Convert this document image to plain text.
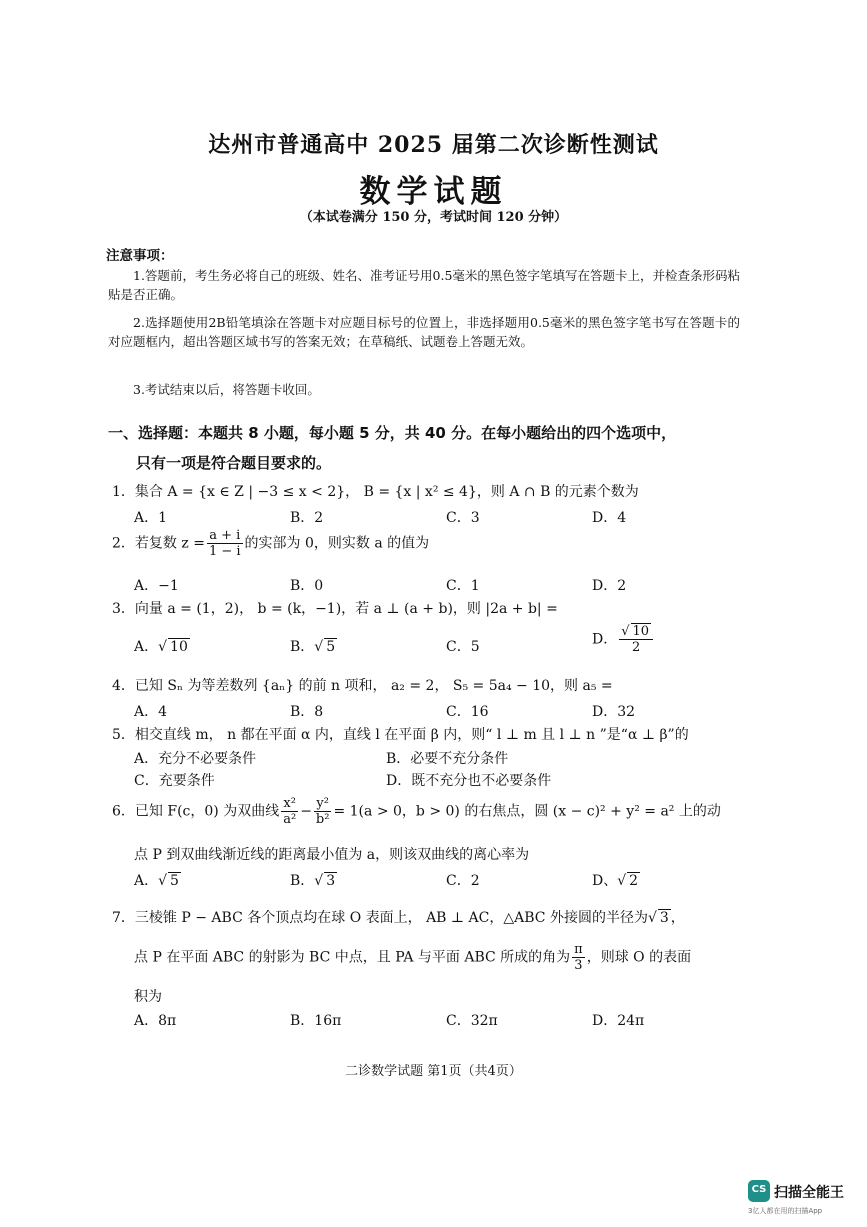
达州市普通高中 2025 届第二次诊断性测试
数学试题
（本试卷满分 150 分，考试时间 120 分钟）
注意事项：
1.答题前，考生务必将自己的班级、姓名、准考证号用0.5毫米的黑色签字笔填写在答题卡上，并检查条形码粘贴是否正确。
2.选择题使用2B铅笔填涂在答题卡对应题目标号的位置上，非选择题用0.5毫米的黑色签字笔书写在答题卡的对应题框内，超出答题区域书写的答案无效；在草稿纸、试题卷上答题无效。
3.考试结束以后，将答题卡收回。
一、选择题：本题共 8 小题，每小题 5 分，共 40 分。在每小题给出的四个选项中，
只有一项是符合题目要求的。
1．集合 A = {x ∈ Z | −3 ≤ x < 2}， B = {x | x² ≤ 4}，则 A ∩ B 的元素个数为
A．1	B．2	C．3	D．4
2．若复数 $z = \frac{a + i}{1 - i}$ 的实部为 0，则实数 a 的值为
A．−1	B．0	C．1	D．2
3．向量 a = (1，2)， b = (k，−1)，若 a ⊥ (a + b)，则 |2a + b| =
A．√ 10	B．√ 5	C．5	D． $\frac{√ 10}{2}$
4．已知 Sₙ 为等差数列 {aₙ} 的前 n 项和， a₂ = 2， S₅ = 5a₄ − 10，则 a₅ =
A．4	B．8	C．16	D．32
5．相交直线 m， n 都在平面 α 内，直线 l 在平面 β 内，则“ l ⊥ m 且 l ⊥ n ”是“α ⊥ β”的
A．充分不必要条件	B．必要不充分条件
C．充要条件	D．既不充分也不必要条件
6．已知 F(c，0) 为双曲线 $\frac{\text{x²}}{\text{a²}} - \frac{\text{y²}}{\text{b²}} = 1(a > 0$，b > 0) 的右焦点，圆 (x − c)² + y² = a² 上的动
点 P 到双曲线渐近线的距离最小值为 a，则该双曲线的离心率为
A．√ 5	B．√ 3	C．2	D、√ 2
7．三棱锥 P − ABC 各个顶点均在球 O 表面上， AB ⊥ AC，△ABC 外接圆的半径为√ 3 ，
点 P 在平面 ABC 的射影为 BC 中点，且 PA 与平面 ABC 所成的角为 $\frac{\pi}{3}$ ，则球 O 的表面
积为
A．8π	B．16π	C．32π	D．24π
二诊数学试题 第1页（共4页）
CS 扫描全能王
3亿人都在用的扫描App
